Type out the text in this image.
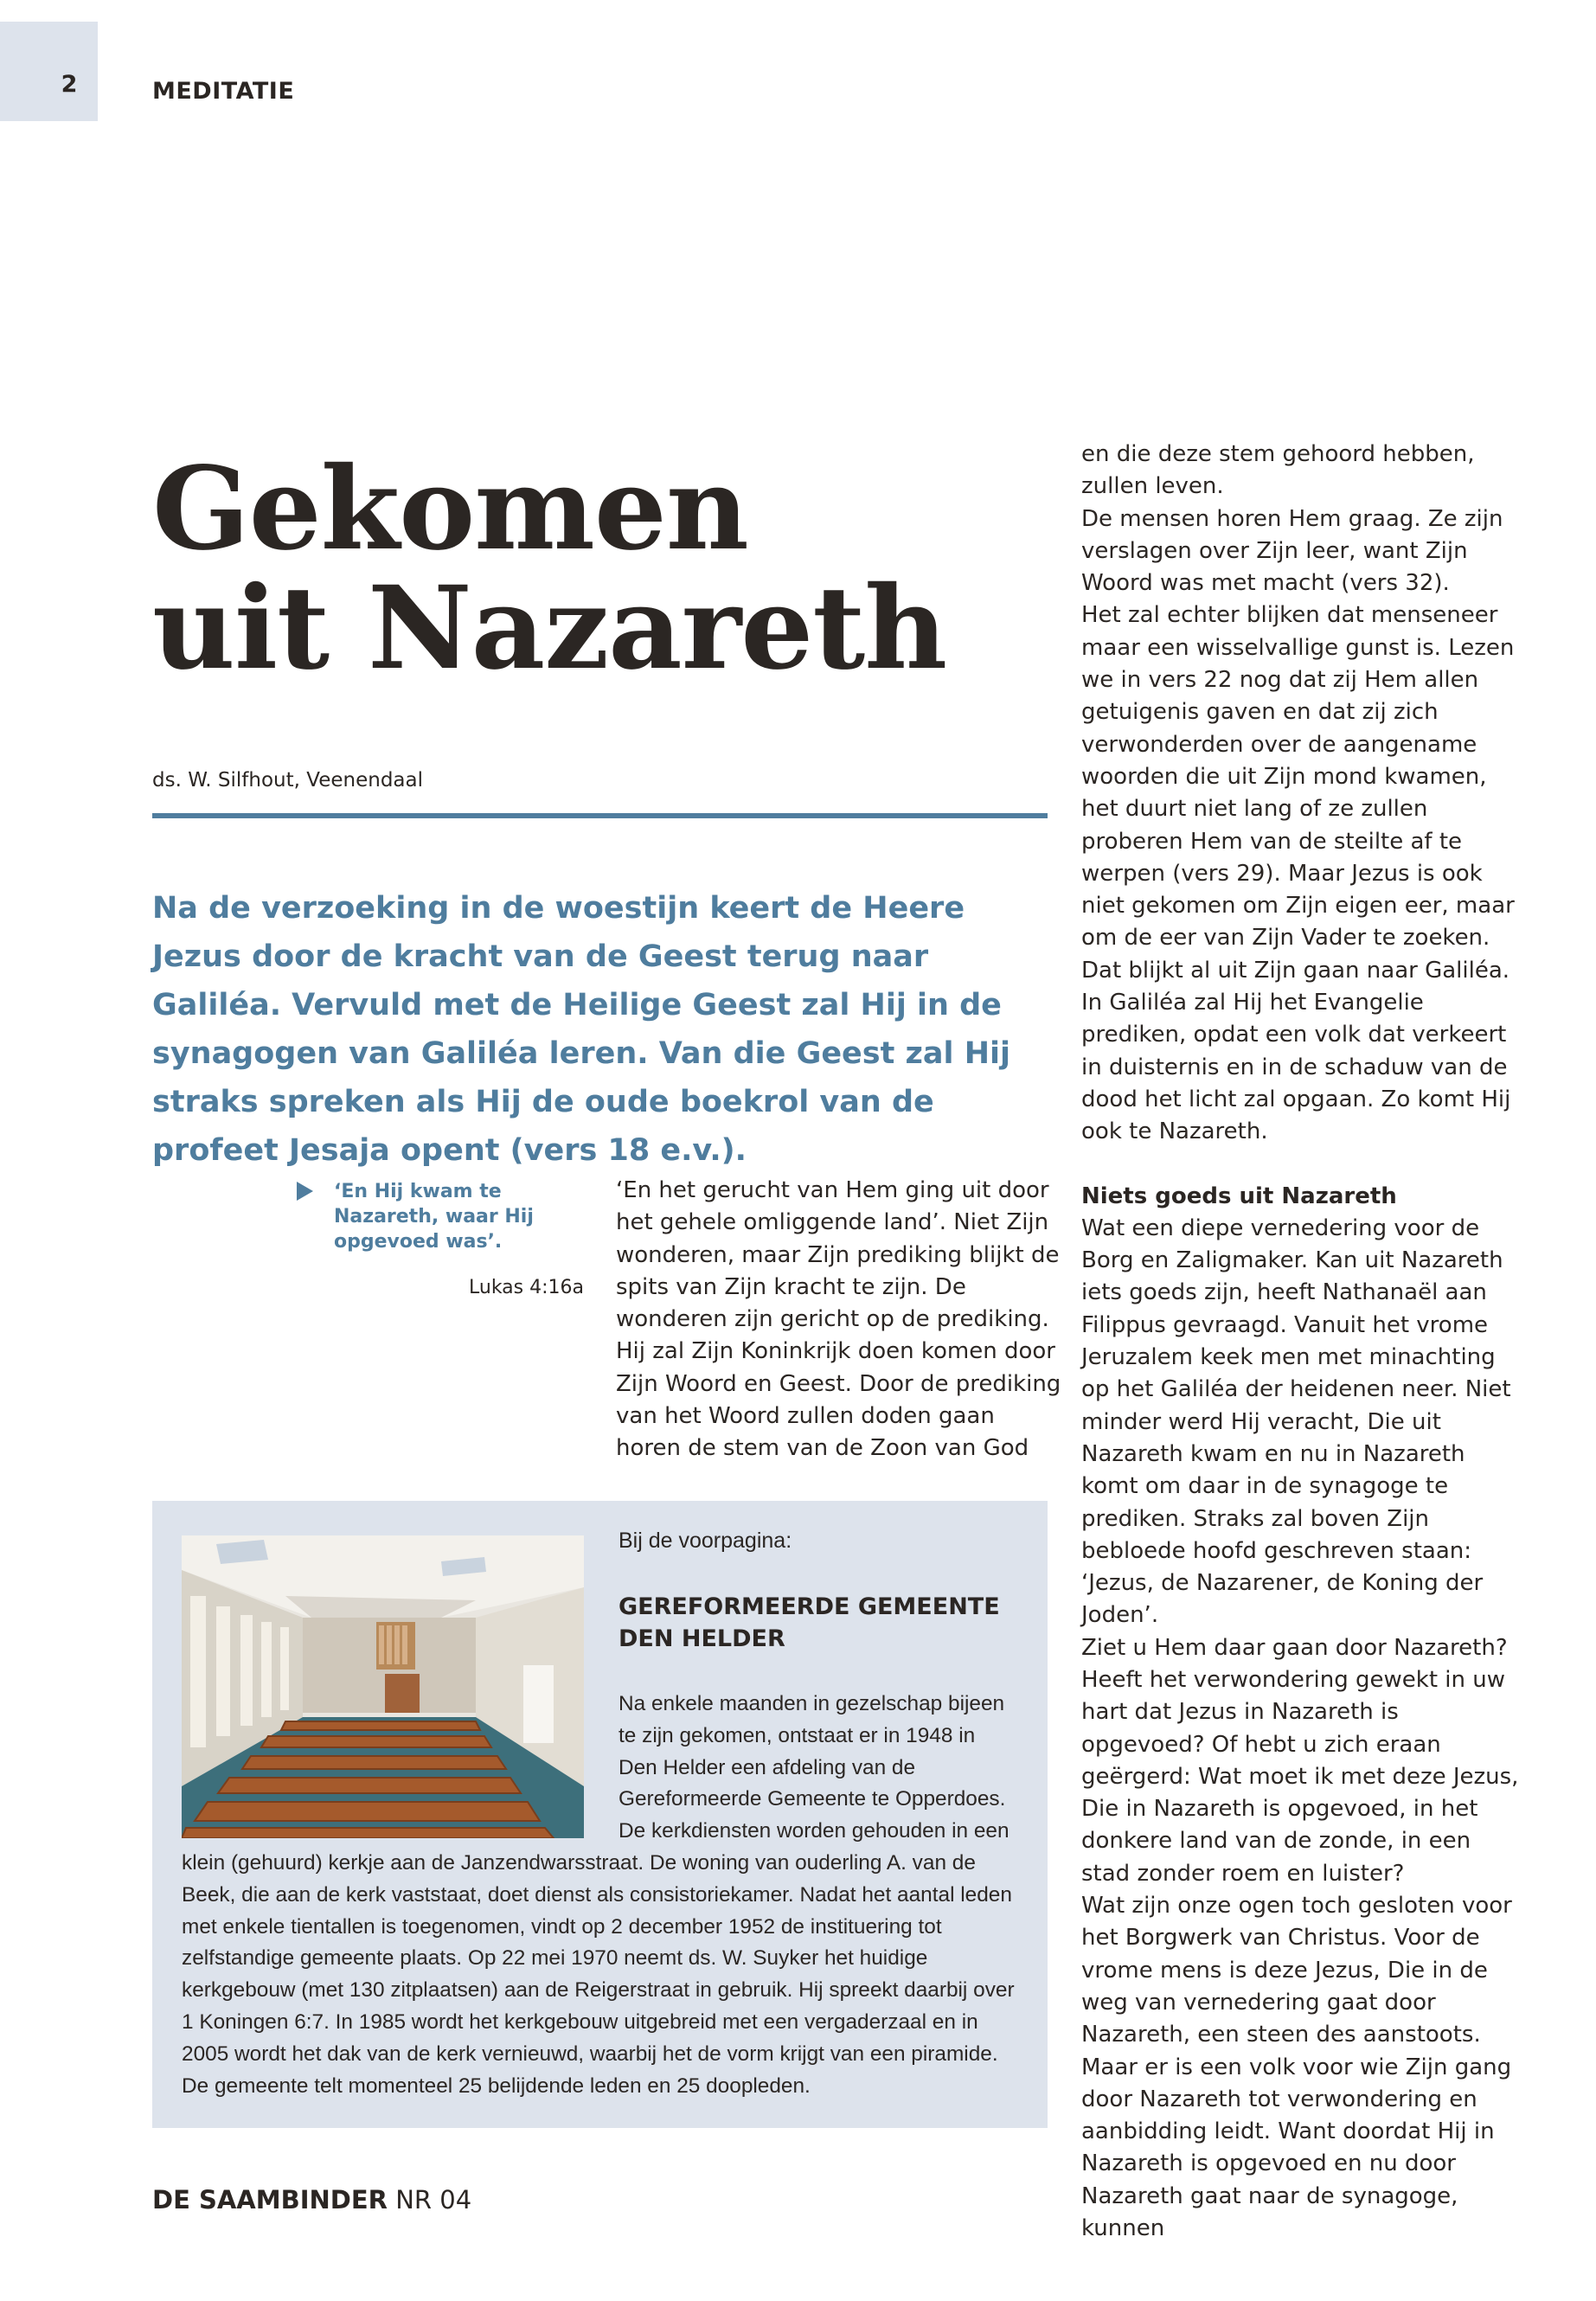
2	MEDITATIE
Gekomen
uit Nazareth
ds. W. Silfhout, Veenendaal
Na de verzoeking in de woestijn keert de Heere Jezus door de kracht van de Geest terug naar Galiléa. Vervuld met de Heilige Geest zal Hij in de synagogen van Galiléa leren. Van die Geest zal Hij straks spreken als Hij de oude boekrol van de profeet Jesaja opent (vers 18 e.v.).
‘En Hij kwam te Nazareth, waar Hij opgevoed was’.
Lukas 4:16a

‘En het gerucht van Hem ging uit door het gehele omliggende land’. Niet Zijn wonderen, maar Zijn prediking blijkt de spits van Zijn kracht te zijn. De wonderen zijn gericht op de prediking. Hij zal Zijn Koninkrijk doen komen door Zijn Woord en Geest. Door de prediking van het Woord zullen doden gaan horen de stem van de Zoon van God

en die deze stem gehoord hebben, zullen leven.

De mensen horen Hem graag. Ze zijn verslagen over Zijn leer, want Zijn Woord was met macht (vers 32).

Het zal echter blijken dat menseneer maar een wisselvallige gunst is. Lezen we in vers 22 nog dat zij Hem allen getuigenis gaven en dat zij zich verwonderden over de aangename woorden die uit Zijn mond kwamen, het duurt niet lang of ze zullen proberen Hem van de steilte af te werpen (vers 29). Maar Jezus is ook niet gekomen om Zijn eigen eer, maar om de eer van Zijn Vader te zoeken. Dat blijkt al uit Zijn gaan naar Galiléa. In Galiléa zal Hij het Evangelie prediken, opdat een volk dat verkeert in duisternis en in de schaduw van de dood het licht zal opgaan. Zo komt Hij ook te Nazareth.

Niets goeds uit Nazareth

Wat een diepe vernedering voor de Borg en Zaligmaker. Kan uit Nazareth iets goeds zijn, heeft Nathanaël aan Filippus gevraagd. Vanuit het vrome Jeruzalem keek men met minachting op het Galiléa der heidenen neer. Niet minder werd Hij veracht, Die uit Nazareth kwam en nu in Nazareth komt om daar in de synagoge te prediken. Straks zal boven Zijn bebloede hoofd geschreven staan: ‘Jezus, de Nazarener, de Koning der Joden’.

Ziet u Hem daar gaan door Nazareth? Heeft het verwondering gewekt in uw hart dat Jezus in Nazareth is opgevoed? Of hebt u zich eraan geërgerd: Wat moet ik met deze Jezus, Die in Nazareth is opgevoed, in het donkere land van de zonde, in een stad zonder roem en luister?

Wat zijn onze ogen toch gesloten voor het Borgwerk van Christus. Voor de vrome mens is deze Jezus, Die in de weg van vernedering gaat door Nazareth, een steen des aanstoots. Maar er is een volk voor wie Zijn gang door Nazareth tot verwondering en aanbidding leidt. Want doordat Hij in Nazareth is opgevoed en nu door Nazareth gaat naar de synagoge, kunnen

Bij de voorpagina:
GEREFORMEERDE GEMEENTE DEN HELDER

Na enkele maanden in gezelschap bijeen te zijn gekomen, ontstaat er in 1948 in Den Helder een afdeling van de Gereformeerde Gemeente te Opperdoes. De kerkdiensten worden gehouden in een klein (gehuurd) kerkje aan de Janzendwarsstraat. De woning van ouderling A. van de Beek, die aan de kerk vaststaat, doet dienst als consistoriekamer. Nadat het aantal leden met enkele tientallen is toegenomen, vindt op 2 december 1952 de instituering tot zelfstandige gemeente plaats. Op 22 mei 1970 neemt ds. W. Suyker het huidige kerkgebouw (met 130 zitplaatsen) aan de Reigerstraat in gebruik. Hij spreekt daarbij over 1 Koningen 6:7. In 1985 wordt het kerkgebouw uitgebreid met een vergaderzaal en in 2005 wordt het dak van de kerk vernieuwd, waarbij het de vorm krijgt van een piramide.

De gemeente telt momenteel 25 belijdende leden en 25 doopleden.

DE SAAMBINDER NR 04
